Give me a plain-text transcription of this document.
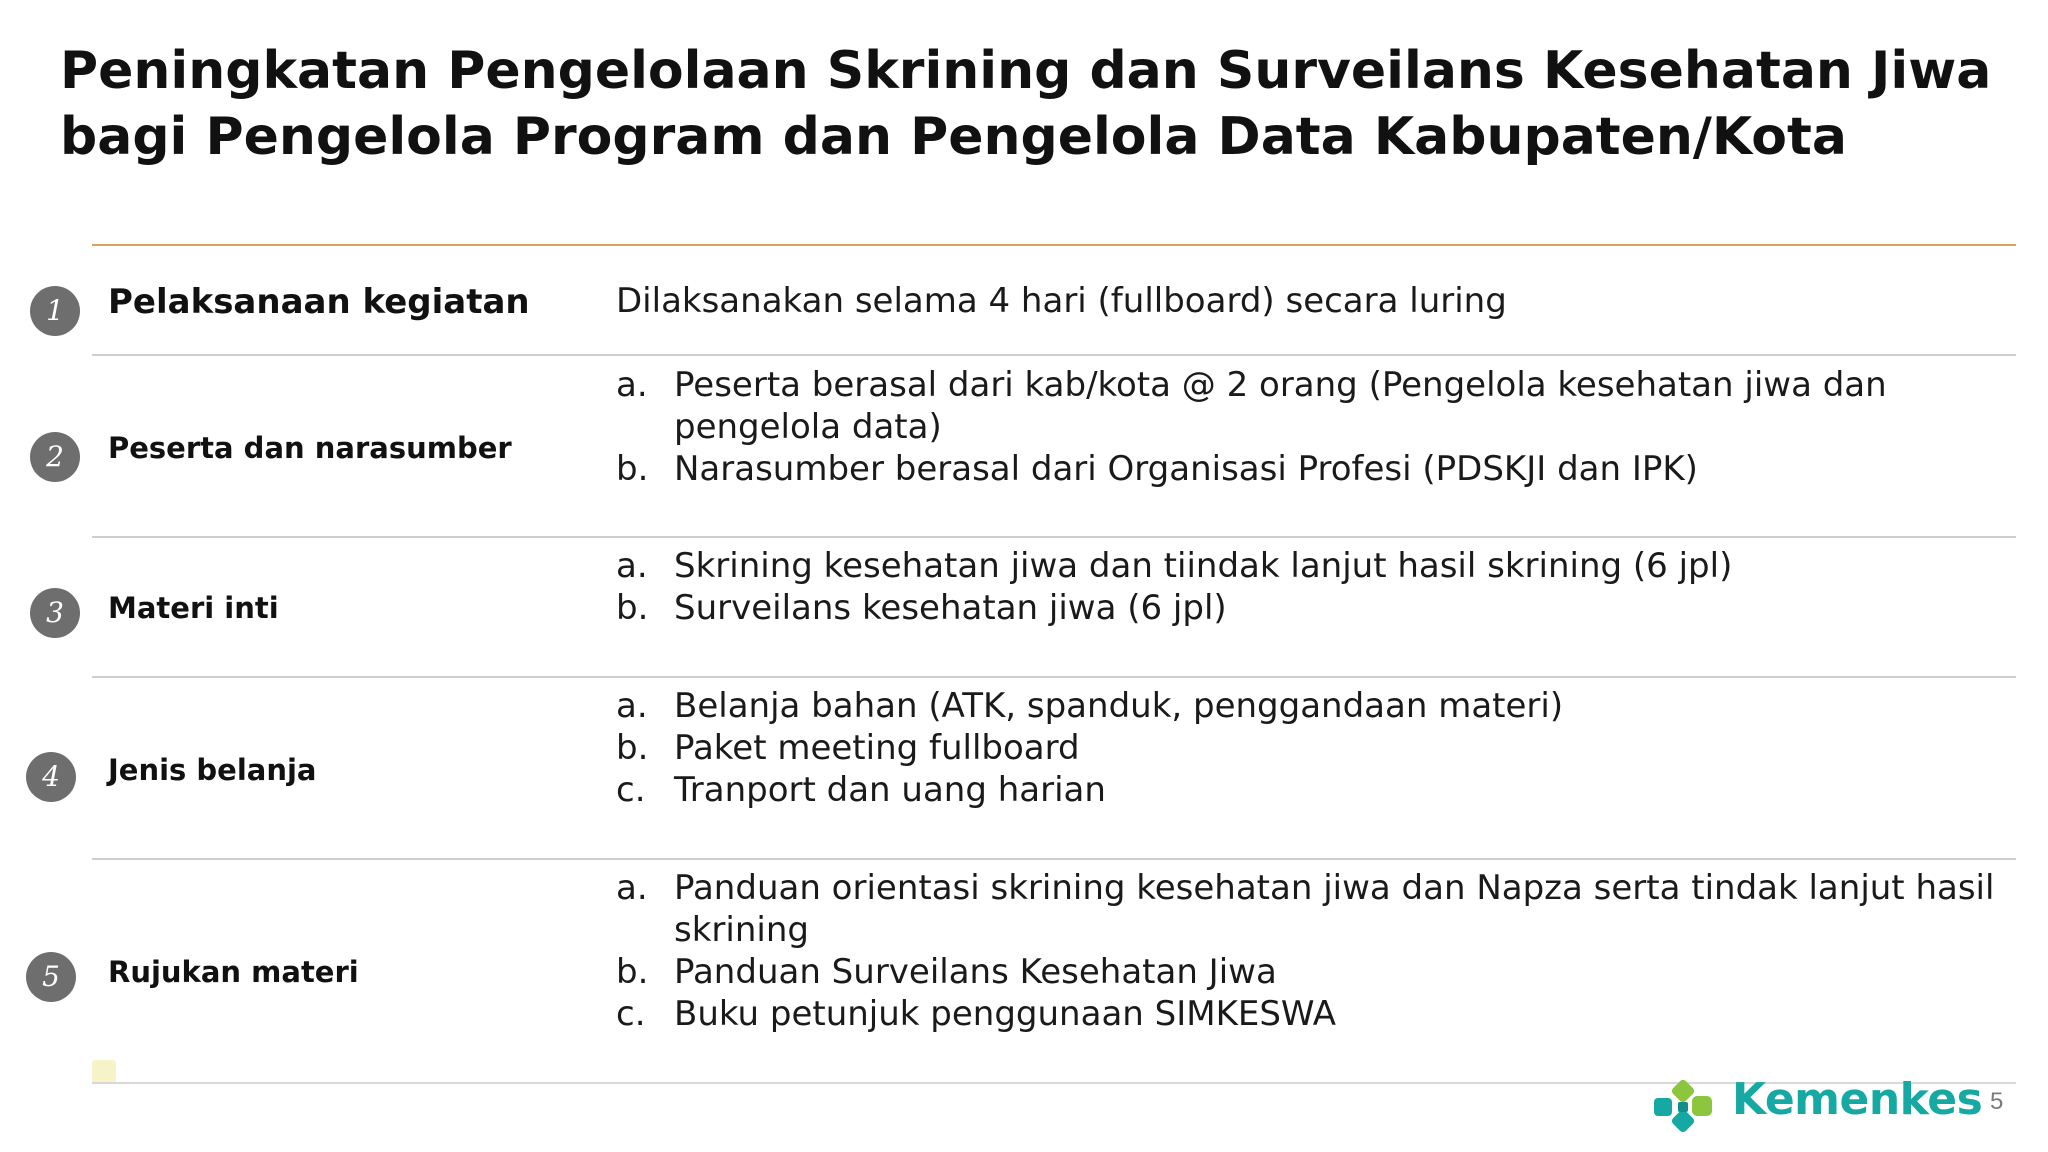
Peningkatan Pengelolaan Skrining dan Surveilans Kesehatan Jiwa
bagi Pengelola Program dan Pengelola Data Kabupaten/Kota
1	Pelaksanaan kegiatan	Dilaksanakan selama 4 hari (fullboard) secara luring
2	Peserta dan narasumber
a. Peserta berasal dari kab/kota @ 2 orang (Pengelola kesehatan jiwa dan pengelola data)
b. Narasumber berasal dari Organisasi Profesi (PDSKJI dan IPK)
3	Materi inti
a. Skrining kesehatan jiwa dan tiindak lanjut hasil skrining (6 jpl)
b. Surveilans kesehatan jiwa (6 jpl)
4	Jenis belanja
a. Belanja bahan (ATK, spanduk, penggandaan materi)
b. Paket meeting fullboard
c. Tranport dan uang harian
5	Rujukan materi
a. Panduan orientasi skrining kesehatan jiwa dan Napza serta tindak lanjut hasil skrining
b. Panduan Surveilans Kesehatan Jiwa
c. Buku petunjuk penggunaan SIMKESWA
Kemenkes 5
